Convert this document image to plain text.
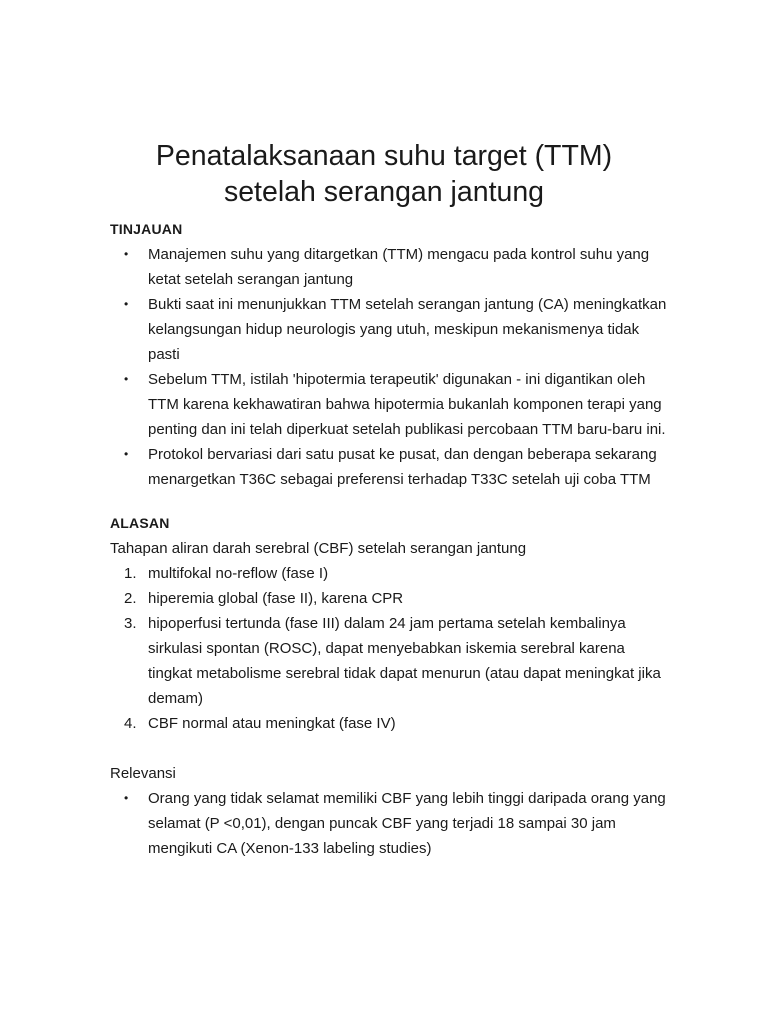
Penatalaksanaan suhu target (TTM)
setelah serangan jantung
TINJAUAN
• Manajemen suhu yang ditargetkan (TTM) mengacu pada kontrol suhu yang ketat setelah serangan jantung
• Bukti saat ini menunjukkan TTM setelah serangan jantung (CA) meningkatkan kelangsungan hidup neurologis yang utuh, meskipun mekanismenya tidak pasti
• Sebelum TTM, istilah 'hipotermia terapeutik' digunakan - ini digantikan oleh TTM karena kekhawatiran bahwa hipotermia bukanlah komponen terapi yang penting dan ini telah diperkuat setelah publikasi percobaan TTM baru-baru ini.
• Protokol bervariasi dari satu pusat ke pusat, dan dengan beberapa sekarang menargetkan T36C sebagai preferensi terhadap T33C setelah uji coba TTM
ALASAN
Tahapan aliran darah serebral (CBF) setelah serangan jantung
1. multifokal no-reflow (fase I)
2. hiperemia global (fase II), karena CPR
3. hipoperfusi tertunda (fase III) dalam 24 jam pertama setelah kembalinya sirkulasi spontan (ROSC), dapat menyebabkan iskemia serebral karena tingkat metabolisme serebral tidak dapat menurun (atau dapat meningkat jika demam)
4. CBF normal atau meningkat (fase IV)
Relevansi
• Orang yang tidak selamat memiliki CBF yang lebih tinggi daripada orang yang selamat (P <0,01), dengan puncak CBF yang terjadi 18 sampai 30 jam mengikuti CA (Xenon-133 labeling studies)
